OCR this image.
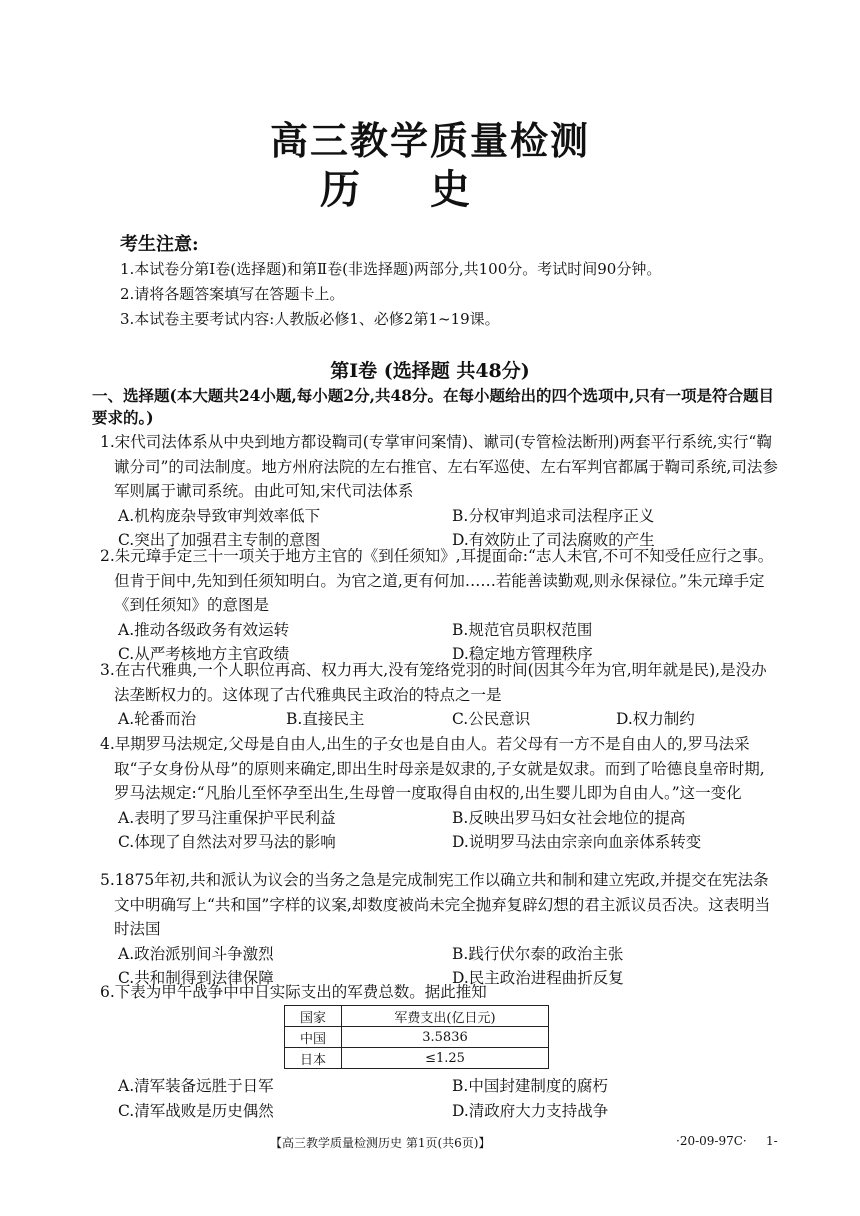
高三教学质量检测
历史
考生注意:
1.本试卷分第Ⅰ卷(选择题)和第Ⅱ卷(非选择题)两部分,共100分。考试时间90分钟。
2.请将各题答案填写在答题卡上。
3.本试卷主要考试内容:人教版必修1、必修2第1~19课。
第Ⅰ卷 (选择题 共48分)
一、选择题(本大题共24小题,每小题2分,共48分。在每小题给出的四个选项中,只有一项是符合题目要求的。)
1.宋代司法体系从中央到地方都设鞫司(专掌审问案情)、谳司(专管检法断刑)两套平行系统,实行“鞫谳分司”的司法制度。地方州府法院的左右推官、左右军巡使、左右军判官都属于鞫司系统,司法参军则属于谳司系统。由此可知,宋代司法体系
A.机构庞杂导致审判效率低下	B.分权审判追求司法程序正义
C.突出了加强君主专制的意图	D.有效防止了司法腐败的产生
2.朱元璋手定三十一项关于地方主官的《到任须知》,耳提面命:“志人未官,不可不知受任应行之事。但肯于间中,先知到任须知明白。为官之道,更有何加……若能善读勤观,则永保禄位。”朱元璋手定《到任须知》的意图是
A.推动各级政务有效运转	B.规范官员职权范围
C.从严考核地方主官政绩	D.稳定地方管理秩序
3.在古代雅典,一个人职位再高、权力再大,没有笼络党羽的时间(因其今年为官,明年就是民),是没办法垄断权力的。这体现了古代雅典民主政治的特点之一是
A.轮番而治	B.直接民主	C.公民意识	D.权力制约
4.早期罗马法规定,父母是自由人,出生的子女也是自由人。若父母有一方不是自由人的,罗马法采取“子女身份从母”的原则来确定,即出生时母亲是奴隶的,子女就是奴隶。而到了哈德良皇帝时期,罗马法规定:“凡胎儿至怀孕至出生,生母曾一度取得自由权的,出生婴儿即为自由人。”这一变化
A.表明了罗马注重保护平民利益	B.反映出罗马妇女社会地位的提高
C.体现了自然法对罗马法的影响	D.说明罗马法由宗亲向血亲体系转变
5.1875年初,共和派认为议会的当务之急是完成制宪工作以确立共和制和建立宪政,并提交在宪法条文中明确写上“共和国”字样的议案,却数度被尚未完全抛弃复辟幻想的君主派议员否决。这表明当时法国
A.政治派别间斗争激烈	B.践行伏尔泰的政治主张
C.共和制得到法律保障	D.民主政治进程曲折反复
6.下表为甲午战争中中日实际支出的军费总数。据此推知
国家	军费支出(亿日元)
中国	3.5836
日本	≤1.25
A.清军装备远胜于日军	B.中国封建制度的腐朽
C.清军战败是历史偶然	D.清政府大力支持战争
【高三教学质量检测历史 第1页(共6页)】	·20-09-97C· 1-
